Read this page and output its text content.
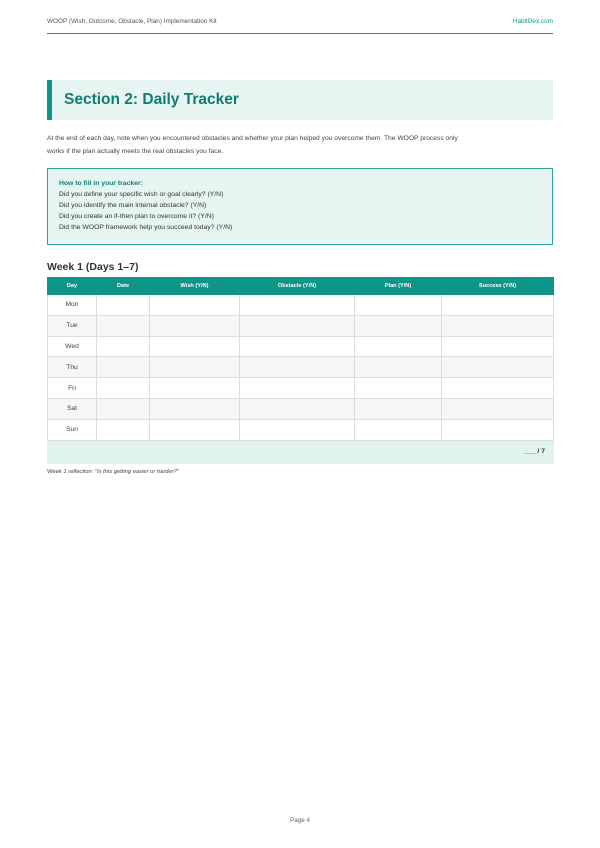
WOOP (Wish, Outcome, Obstacle, Plan) Implementation Kit	HabitDex.com
Section 2: Daily Tracker
At the end of each day, note when you encountered obstacles and whether your plan helped you overcome them. The WOOP process only
works if the plan actually meets the real obstacles you face.
How to fill in your tracker:
Did you define your specific wish or goal clearly? (Y/N)
Did you identify the main internal obstacle? (Y/N)
Did you create an if-then plan to overcome it? (Y/N)
Did the WOOP framework help you succeed today? (Y/N)
Week 1 (Days 1–7)
Day	Date	Wish (Y/N)	Obstacle (Y/N)	Plan (Y/N)	Success (Y/N)
Mon					
Tue					
Wed					
Thu					
Fri					
Sat					
Sun					
___ / 7					
Week 1 reflection: "Is this getting easier or harder?"
Page 4
